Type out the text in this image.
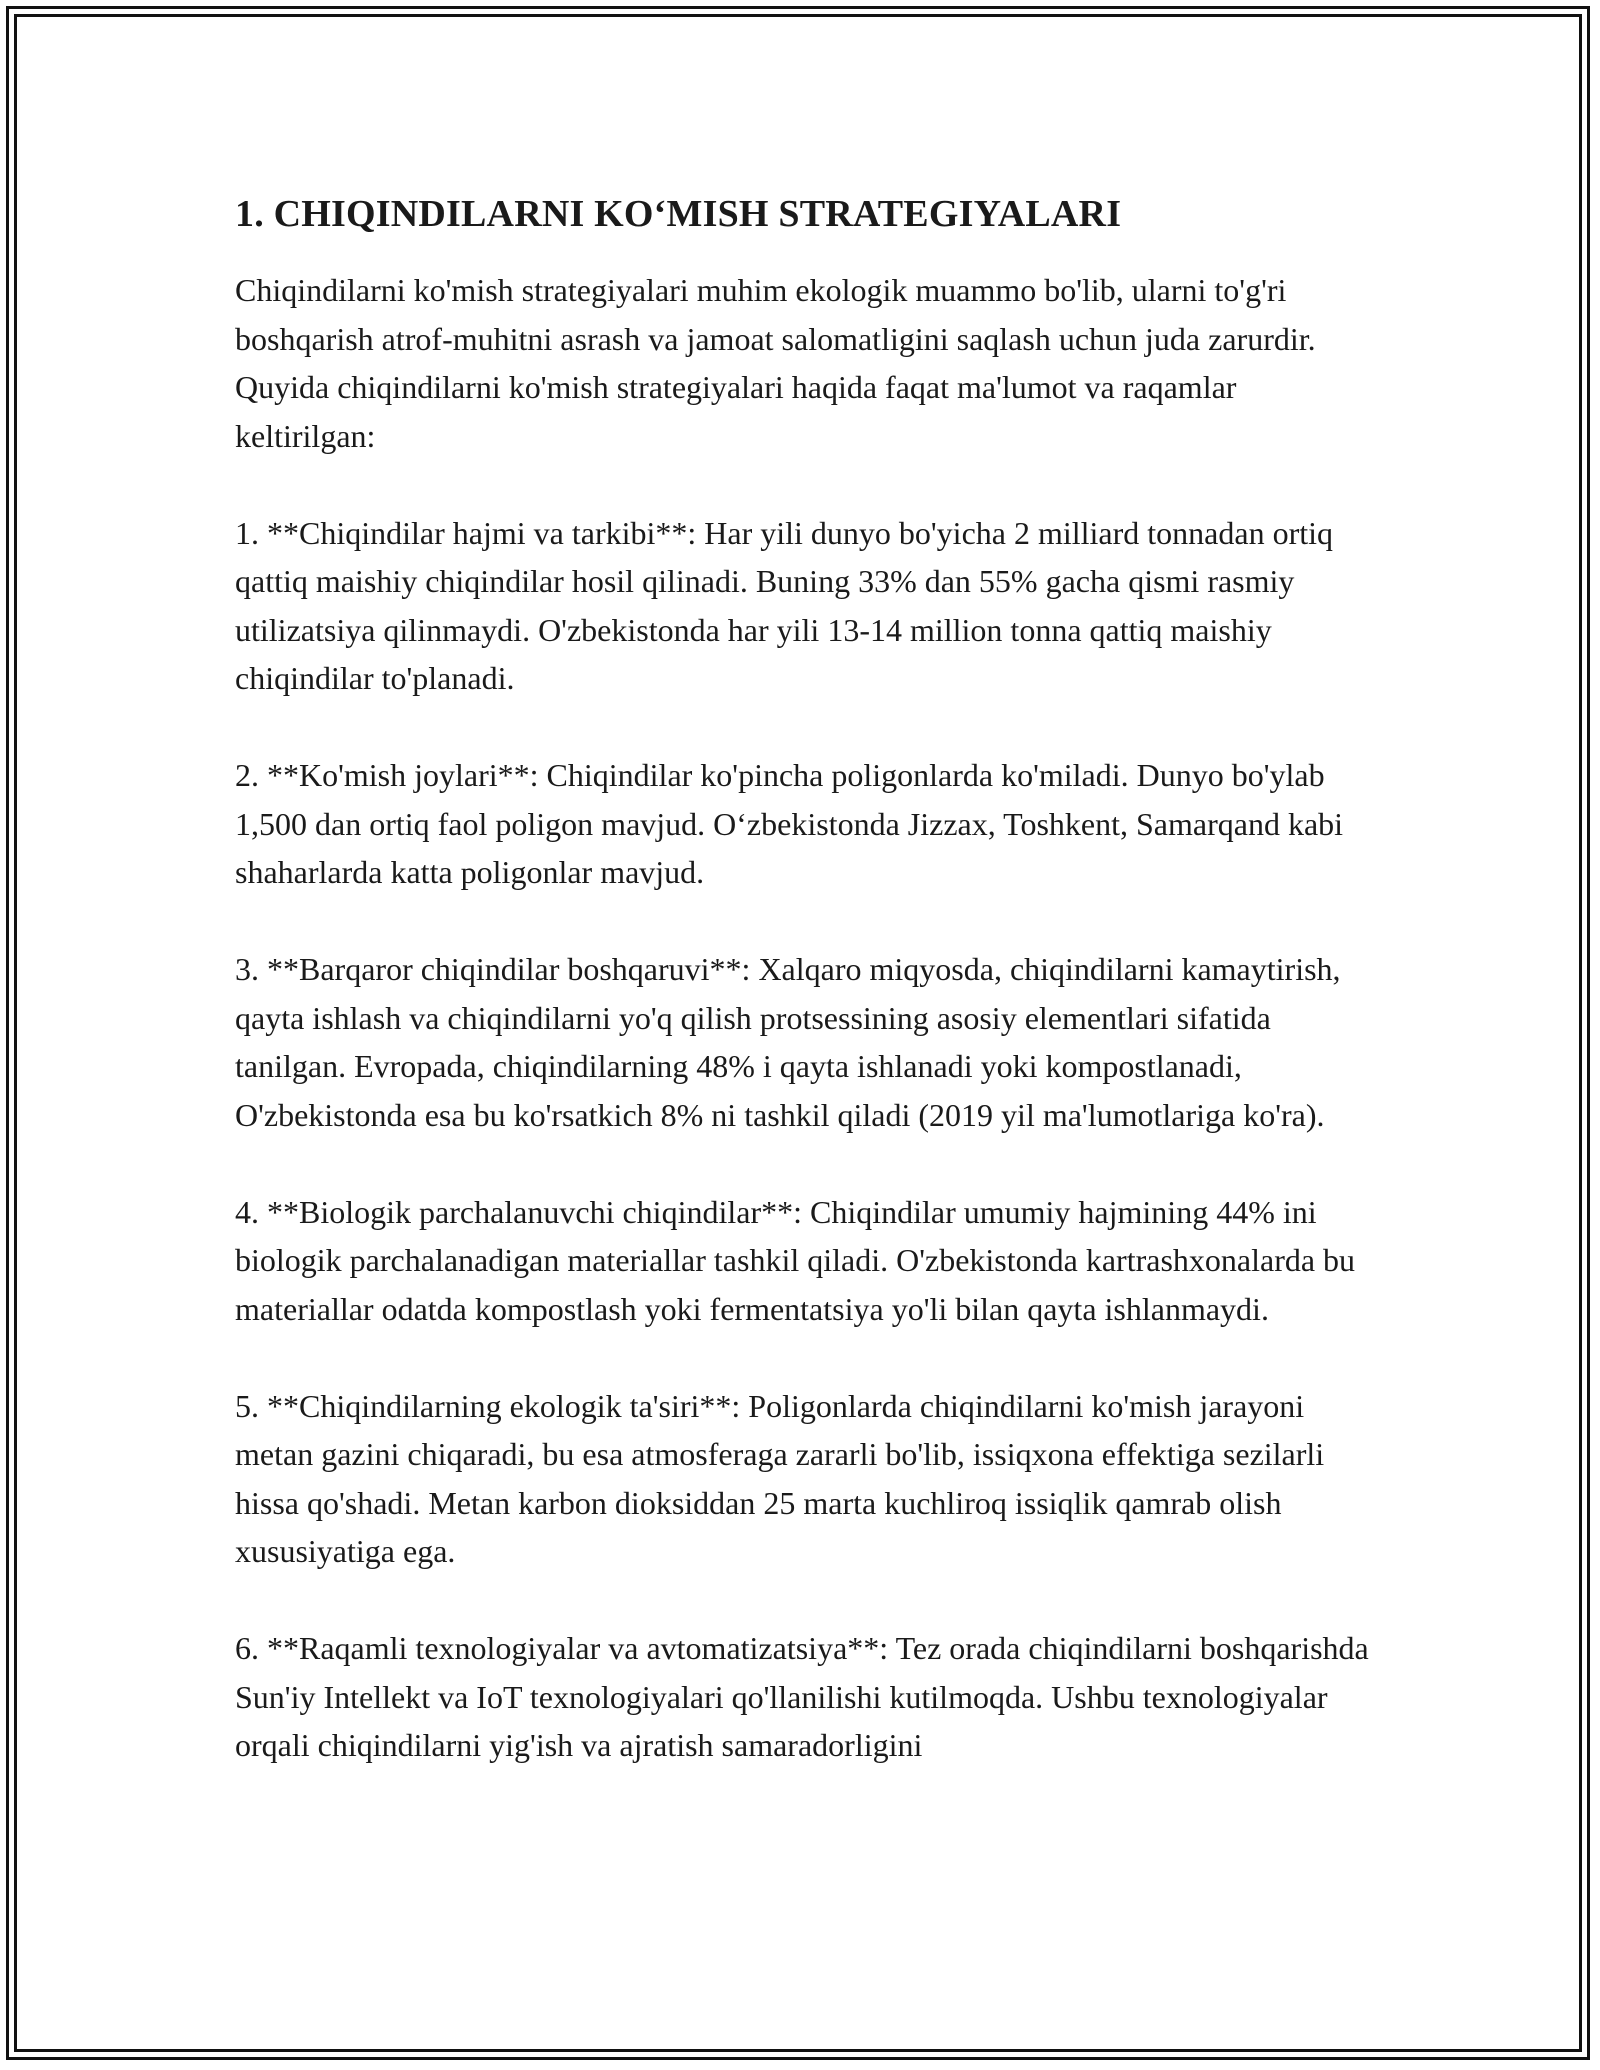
1. CHIQINDILARNI KO‘MISH STRATEGIYALARI

Chiqindilarni ko'mish strategiyalari muhim ekologik muammo bo'lib, ularni to'g'ri boshqarish atrof-muhitni asrash va jamoat salomatligini saqlash uchun juda zarurdir. Quyida chiqindilarni ko'mish strategiyalari haqida faqat ma'lumot va raqamlar keltirilgan:

1. **Chiqindilar hajmi va tarkibi**: Har yili dunyo bo'yicha 2 milliard tonnadan ortiq qattiq maishiy chiqindilar hosil qilinadi. Buning 33% dan 55% gacha qismi rasmiy utilizatsiya qilinmaydi. O'zbekistonda har yili 13-14 million tonna qattiq maishiy chiqindilar to'planadi.

2. **Ko'mish joylari**: Chiqindilar ko'pincha poligonlarda ko'miladi. Dunyo bo'ylab 1,500 dan ortiq faol poligon mavjud. O‘zbekistonda Jizzax, Toshkent, Samarqand kabi shaharlarda katta poligonlar mavjud.

3. **Barqaror chiqindilar boshqaruvi**: Xalqaro miqyosda, chiqindilarni kamaytirish, qayta ishlash va chiqindilarni yo'q qilish protsessining asosiy elementlari sifatida tanilgan. Evropada, chiqindilarning 48% i qayta ishlanadi yoki kompostlanadi, O'zbekistonda esa bu ko'rsatkich 8% ni tashkil qiladi (2019 yil ma'lumotlariga ko'ra).

4. **Biologik parchalanuvchi chiqindilar**: Chiqindilar umumiy hajmining 44% ini biologik parchalanadigan materiallar tashkil qiladi. O'zbekistonda kartrashxonalarda bu materiallar odatda kompostlash yoki fermentatsiya yo'li bilan qayta ishlanmaydi.

5. **Chiqindilarning ekologik ta'siri**: Poligonlarda chiqindilarni ko'mish jarayoni metan gazini chiqaradi, bu esa atmosferaga zararli bo'lib, issiqxona effektiga sezilarli hissa qo'shadi. Metan karbon dioksiddan 25 marta kuchliroq issiqlik qamrab olish xususiyatiga ega.

6. **Raqamli texnologiyalar va avtomatizatsiya**: Tez orada chiqindilarni boshqarishda Sun'iy Intellekt va IoT texnologiyalari qo'llanilishi kutilmoqda. Ushbu texnologiyalar orqali chiqindilarni yig'ish va ajratish samaradorligini
